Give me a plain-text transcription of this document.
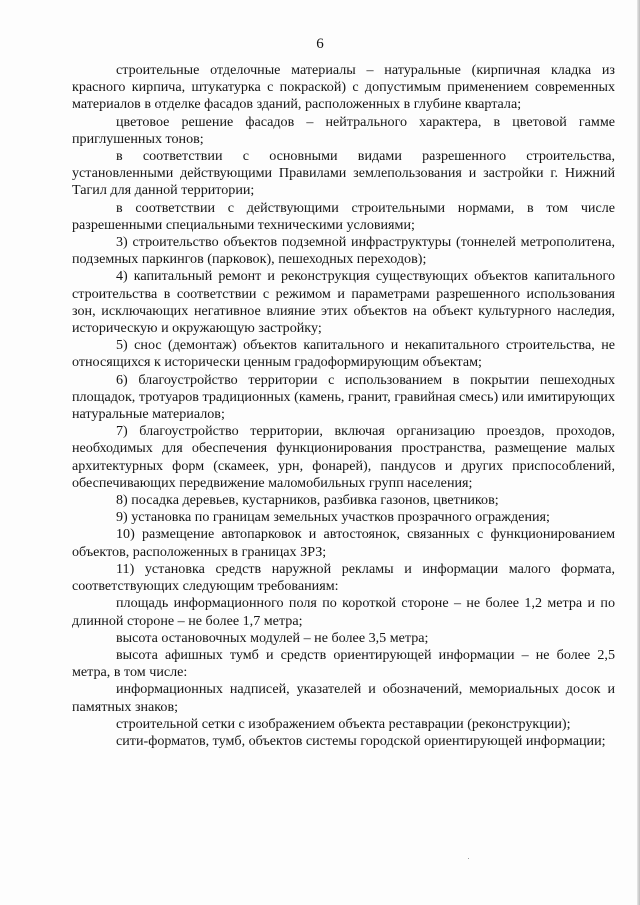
6

строительные отделочные материалы – натуральные (кирпичная кладка из красного кирпича, штукатурка с покраской) с допустимым применением современных материалов в отделке фасадов зданий, расположенных в глубине квартала;

цветовое решение фасадов – нейтрального характера, в цветовой гамме приглушенных тонов;

в соответствии с основными видами разрешенного строительства, установленными действующими Правилами землепользования и застройки г. Нижний Тагил для данной территории;

в соответствии с действующими строительными нормами, в том числе разрешенными специальными техническими условиями;

3) строительство объектов подземной инфраструктуры (тоннелей метрополитена, подземных паркингов (парковок), пешеходных переходов);

4) капитальный ремонт и реконструкция существующих объектов капитального строительства в соответствии с режимом и параметрами разрешенного использования зон, исключающих негативное влияние этих объектов на объект культурного наследия, историческую и окружающую застройку;

5) снос (демонтаж) объектов капитального и некапитального строительства, не относящихся к исторически ценным градоформирующим объектам;

6) благоустройство территории с использованием в покрытии пешеходных площадок, тротуаров традиционных (камень, гранит, гравийная смесь) или имитирующих натуральные материалов;

7) благоустройство территории, включая организацию проездов, проходов, необходимых для обеспечения функционирования пространства, размещение малых архитектурных форм (скамеек, урн, фонарей), пандусов и других приспособлений, обеспечивающих передвижение маломобильных групп населения;

8) посадка деревьев, кустарников, разбивка газонов, цветников;

9) установка по границам земельных участков прозрачного ограждения;

10) размещение автопарковок и автостоянок, связанных с функционированием объектов, расположенных в границах ЗРЗ;

11) установка средств наружной рекламы и информации малого формата, соответствующих следующим требованиям:

площадь информационного поля по короткой стороне – не более 1,2 метра и по длинной стороне – не более 1,7 метра;

высота остановочных модулей – не более 3,5 метра;

высота афишных тумб и средств ориентирующей информации – не более 2,5 метра, в том числе:

информационных надписей, указателей и обозначений, мемориальных досок и памятных знаков;

строительной сетки с изображением объекта реставрации (реконструкции);

сити-форматов, тумб, объектов системы городской ориентирующей информации;
